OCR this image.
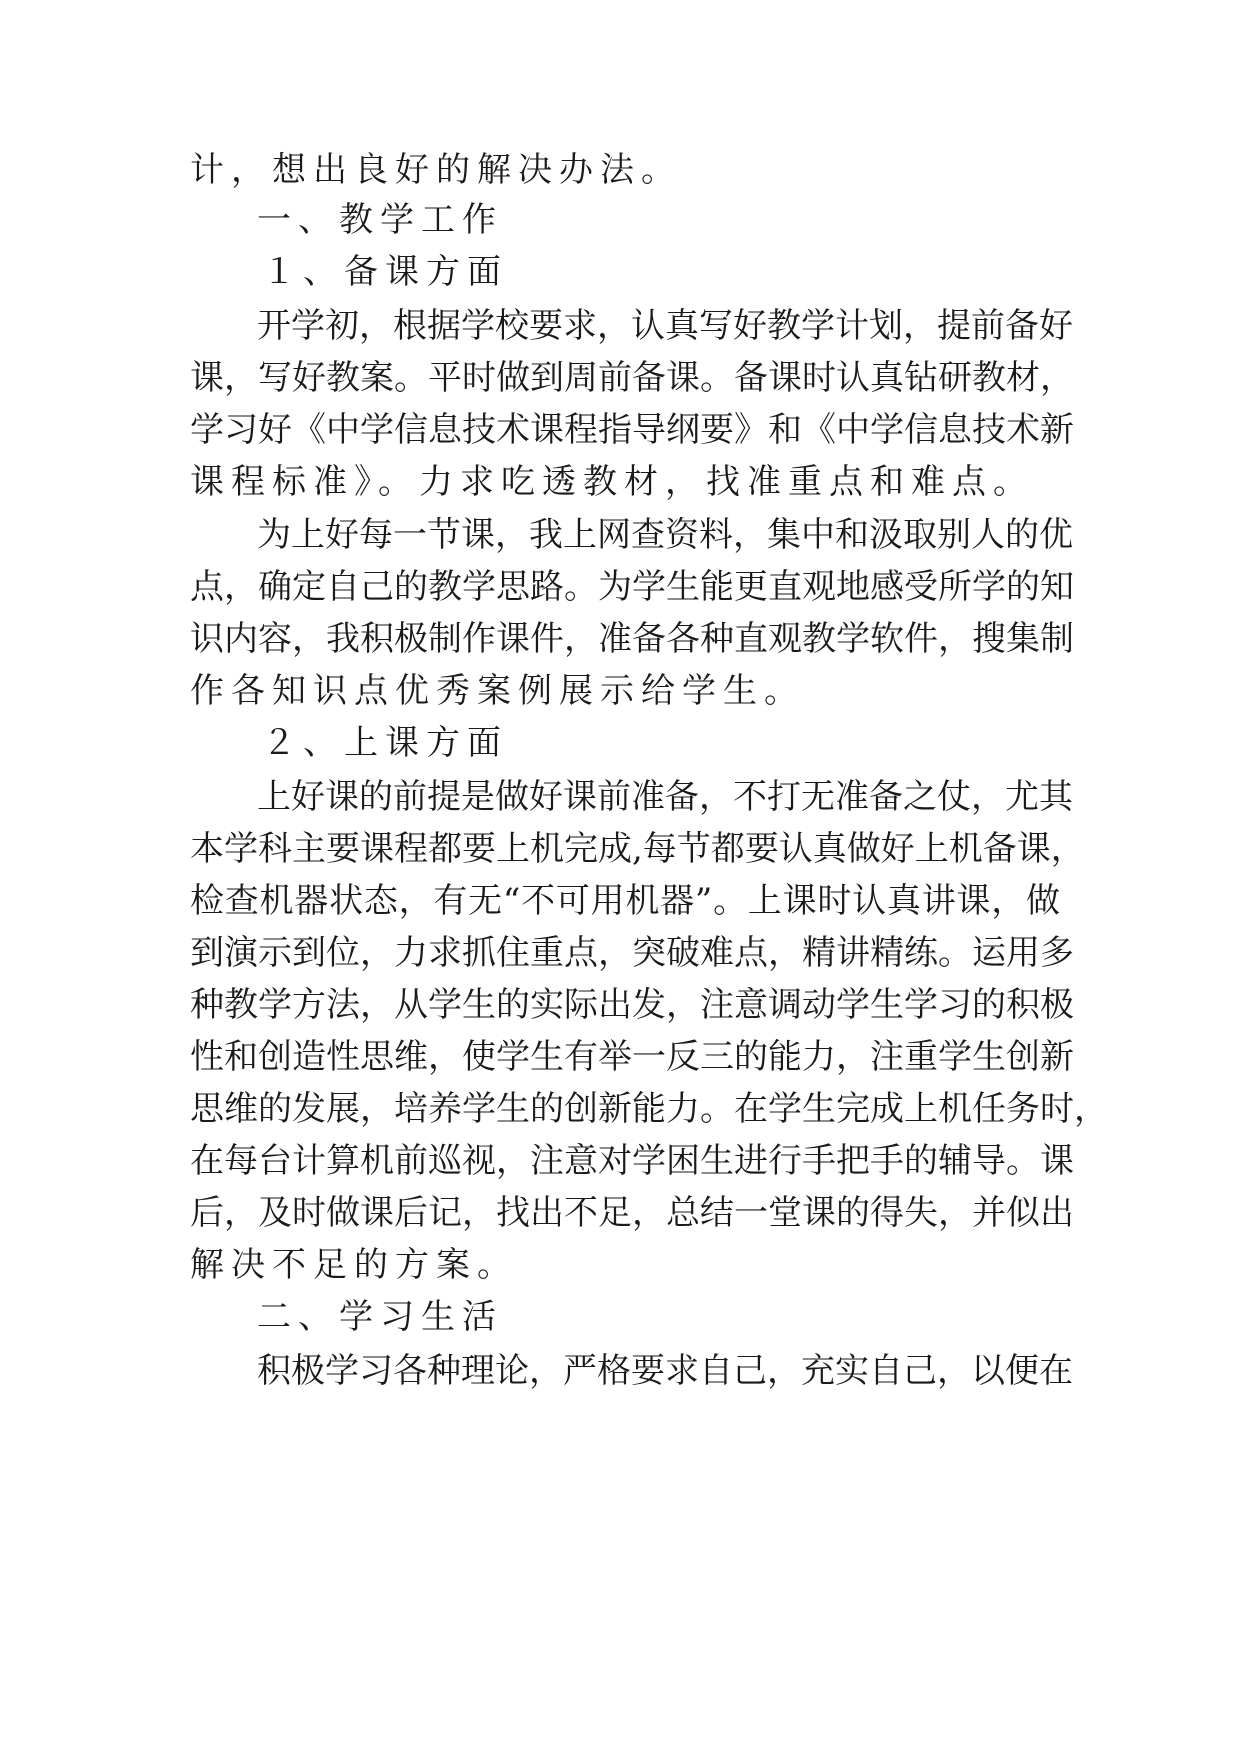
计，想出良好的解决办法。
一、教学工作
１、备课方面
开学初，根据学校要求，认真写好教学计划，提前备好
课，写好教案。平时做到周前备课。备课时认真钻研教材，
学习好《中学信息技术课程指导纲要》和《中学信息技术新
课程标准》。力求吃透教材，找准重点和难点。
为上好每一节课，我上网查资料，集中和汲取别人的优
点，确定自己的教学思路。为学生能更直观地感受所学的知
识内容，我积极制作课件，准备各种直观教学软件，搜集制
作各知识点优秀案例展示给学生。
２、上课方面
上好课的前提是做好课前准备，不打无准备之仗，尤其
本学科主要课程都要上机完成,每节都要认真做好上机备课，
检查机器状态，有无“不可用机器”。上课时认真讲课，做
到演示到位，力求抓住重点，突破难点，精讲精练。运用多
种教学方法，从学生的实际出发，注意调动学生学习的积极
性和创造性思维，使学生有举一反三的能力，注重学生创新
思维的发展，培养学生的创新能力。在学生完成上机任务时，
在每台计算机前巡视，注意对学困生进行手把手的辅导。课
后，及时做课后记，找出不足，总结一堂课的得失，并似出
解决不足的方案。
二、学习生活
积极学习各种理论，严格要求自己，充实自己，以便在
